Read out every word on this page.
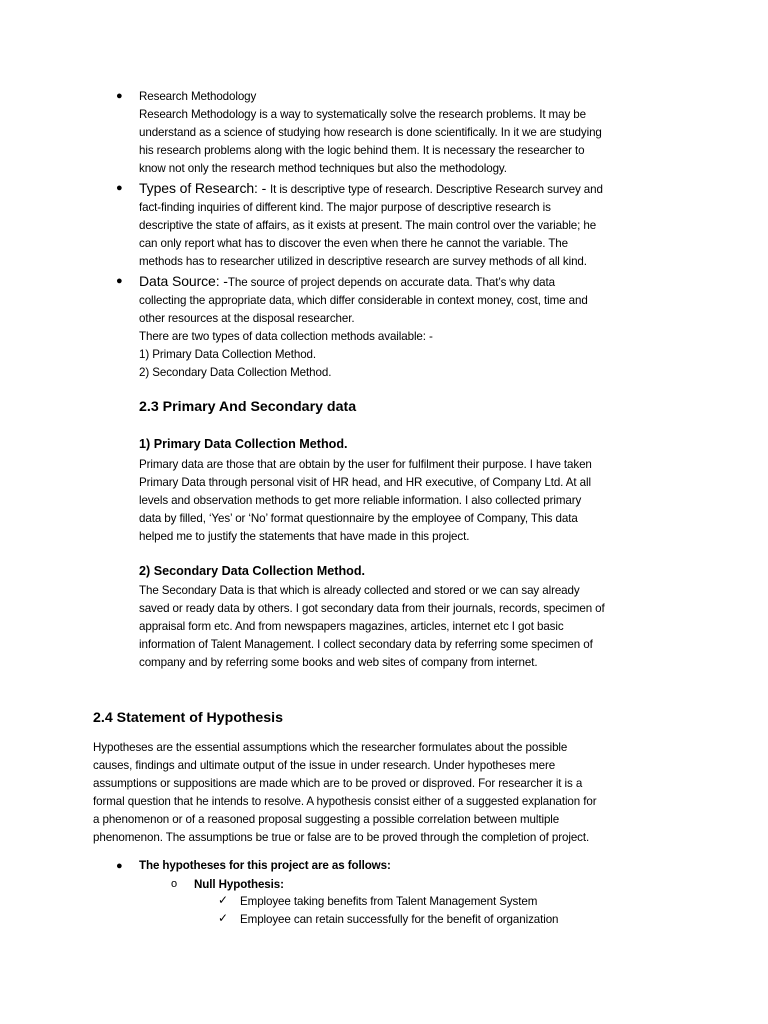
● Research Methodology
Research Methodology is a way to systematically solve the research problems. It may be
understand as a science of studying how research is done scientifically. In it we are studying
his research problems along with the logic behind them. It is necessary the researcher to
know not only the research method techniques but also the methodology.
● Types of Research: - It is descriptive type of research. Descriptive Research survey and
fact-finding inquiries of different kind. The major purpose of descriptive research is
descriptive the state of affairs, as it exists at present. The main control over the variable; he
can only report what has to discover the even when there he cannot the variable. The
methods has to researcher utilized in descriptive research are survey methods of all kind.
● Data Source: -The source of project depends on accurate data. That’s why data
collecting the appropriate data, which differ considerable in context money, cost, time and
other resources at the disposal researcher.
There are two types of data collection methods available: -
1) Primary Data Collection Method.
2) Secondary Data Collection Method.
2.3 Primary And Secondary data
1) Primary Data Collection Method.
Primary data are those that are obtain by the user for fulfilment their purpose. I have taken
Primary Data through personal visit of HR head, and HR executive, of Company Ltd. At all
levels and observation methods to get more reliable information. I also collected primary
data by filled, ‘Yes’ or ‘No’ format questionnaire by the employee of Company, This data
helped me to justify the statements that have made in this project.
2) Secondary Data Collection Method.
The Secondary Data is that which is already collected and stored or we can say already
saved or ready data by others. I got secondary data from their journals, records, specimen of
appraisal form etc. And from newspapers magazines, articles, internet etc I got basic
information of Talent Management. I collect secondary data by referring some specimen of
company and by referring some books and web sites of company from internet.
2.4 Statement of Hypothesis
Hypotheses are the essential assumptions which the researcher formulates about the possible
causes, findings and ultimate output of the issue in under research. Under hypotheses mere
assumptions or suppositions are made which are to be proved or disproved. For researcher it is a
formal question that he intends to resolve. A hypothesis consist either of a suggested explanation for
a phenomenon or of a reasoned proposal suggesting a possible correlation between multiple
phenomenon. The assumptions be true or false are to be proved through the completion of project.
● The hypotheses for this project are as follows:
o Null Hypothesis:
✓ Employee taking benefits from Talent Management System
✓ Employee can retain successfully for the benefit of organization
